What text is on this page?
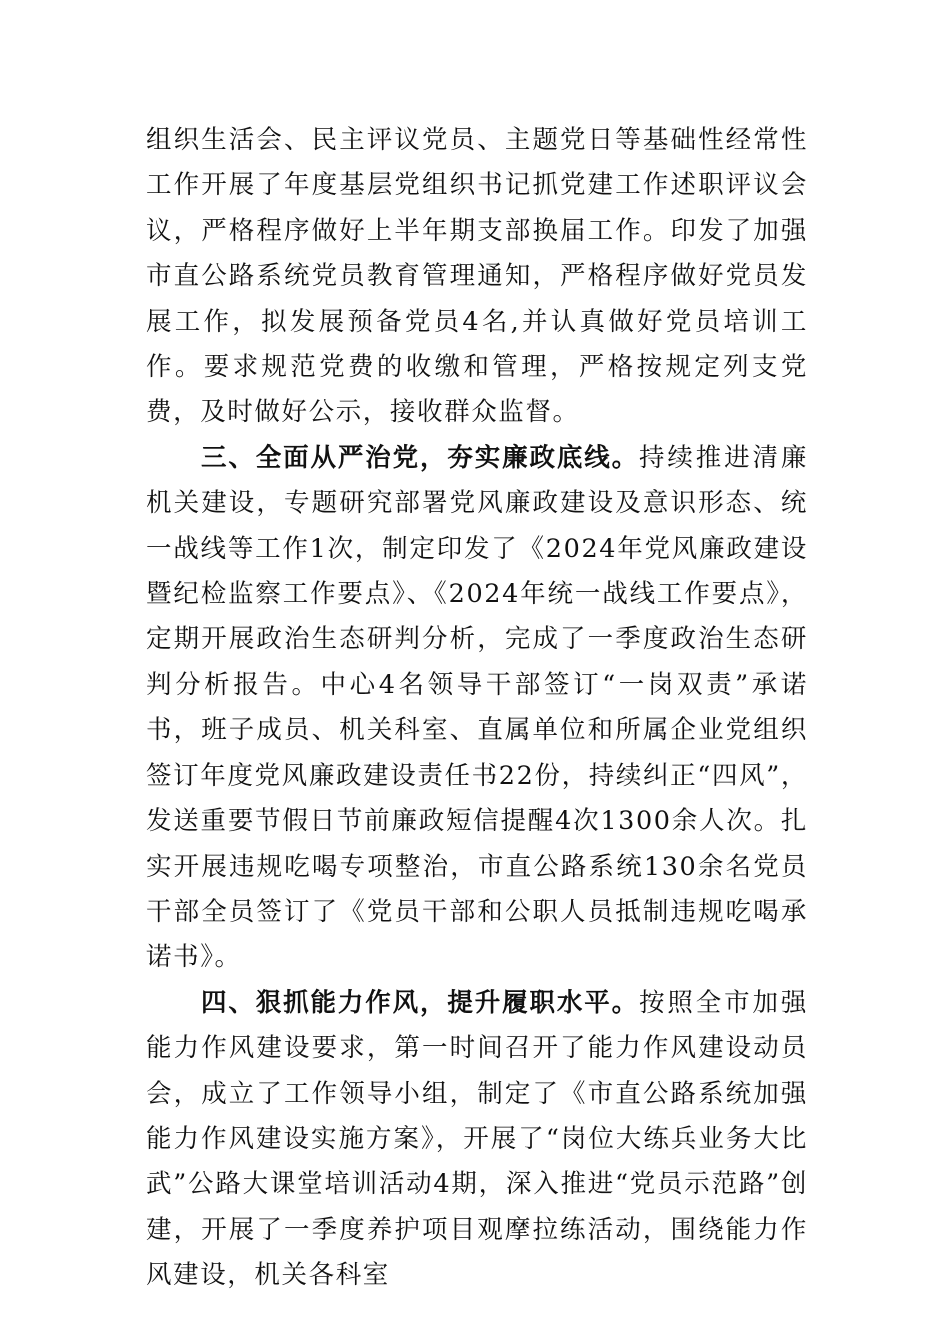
组织生活会、民主评议党员、主题党日等基础性经常性工作开展了年度基层党组织书记抓党建工作述职评议会议，严格程序做好上半年期支部换届工作。印发了加强市直公路系统党员教育管理通知，严格程序做好党员发展工作，拟发展预备党员4名,并认真做好党员培训工作。要求规范党费的收缴和管理，严格按规定列支党费，及时做好公示，接收群众监督。

三、全面从严治党，夯实廉政底线。持续推进清廉机关建设，专题研究部署党风廉政建设及意识形态、统一战线等工作1次，制定印发了《2024年党风廉政建设暨纪检监察工作要点》、《2024年统一战线工作要点》，定期开展政治生态研判分析，完成了一季度政治生态研判分析报告。中心4名领导干部签订“一岗双责”承诺书，班子成员、机关科室、直属单位和所属企业党组织签订年度党风廉政建设责任书22份，持续纠正“四风”，发送重要节假日节前廉政短信提醒4次1300余人次。扎实开展违规吃喝专项整治，市直公路系统130余名党员干部全员签订了《党员干部和公职人员抵制违规吃喝承诺书》。

四、狠抓能力作风，提升履职水平。按照全市加强能力作风建设要求，第一时间召开了能力作风建设动员会，成立了工作领导小组，制定了《市直公路系统加强能力作风建设实施方案》，开展了“岗位大练兵业务大比武”公路大课堂培训活动4期，深入推进“党员示范路”创建，开展了一季度养护项目观摩拉练活动，围绕能力作风建设，机关各科室
